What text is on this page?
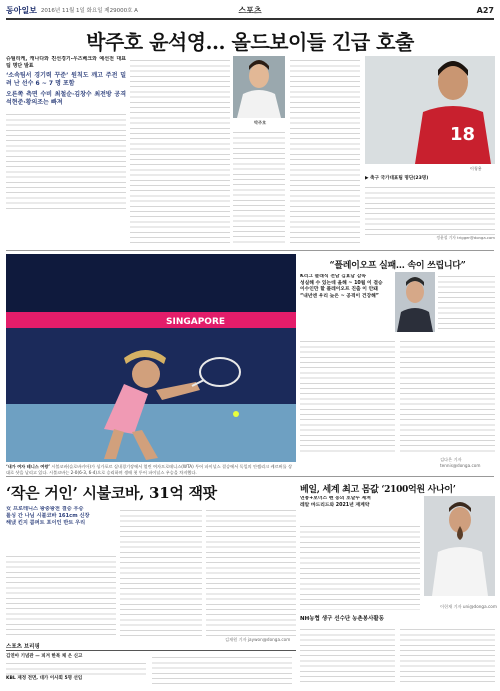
동아일보 2016년 11월 1일 화요일 제29000호 A	스포츠	A27
박주호 윤석영… 올드보이들 긴급 호출
슈틸리케, 캐나다와 친선경기-우즈베크와 예선전 대표팀 명단 발표
‘소속팀서 경기력 꾸준’ 원칙도 깨고 주전 밀려 난 선수 6 ~ 7 명 포함
오른쪽 측면 수비 최철순·김창수 최전방 공격 석현준·황의조는 빠져
박주호
18
이청용
▶ 축구 국가대표팀 명단(23명)
정윤철 기자 trigger@donga.com
SINGAPORE
‘내가 여자 테니스 여왕’ 시불코바(슬로바키아)가 싱가포르 실내경기장에서 열린 여자프로테니스(WTA) 투어 파이널스 결승에서 독일의 안젤리크 케르버를 상대로 샷을 날리고 있다. 시불코바는 2-0(6-3, 6-4)으로 승리하며 생애 첫 투어 파이널스 우승을 차지했다.
“플레이오프 실패… 속이 쓰립니다”
K리그 클래식 전남 김효담 감독
성실해 수 있는데 올해 ~ 10월 이 결승
이수인만 할 플레이오프 진출 이 안돼
“내년엔 우리 늦은 ~ 공격이 건강해”
김다은 기자 tennis@donga.com
‘작은 거인’ 시불코바, 31억 잭팟
女 프로테니스 왕중왕전 결승 우승
롤싱 간 나님 시불코바 161cm 신장
해냈 킨지 콥퍼트 포이인 반트 우리
김재원 기자 jaywon@donga.com
스포츠 브리핑
김연아 기념관 — 피겨 한복 체 은 신고
KBL 재정 전면, 대가 이사회 5명 선임
베일, 세계 최고 몸값 ‘2100억원 사나이’
연봉+보너스 펜 동의 호날두 제쳐
레알 마드리드와 2021년 재계약
이헌재 기자 uni@donga.com
NH농협 생구 선수단 농촌봉사활동
